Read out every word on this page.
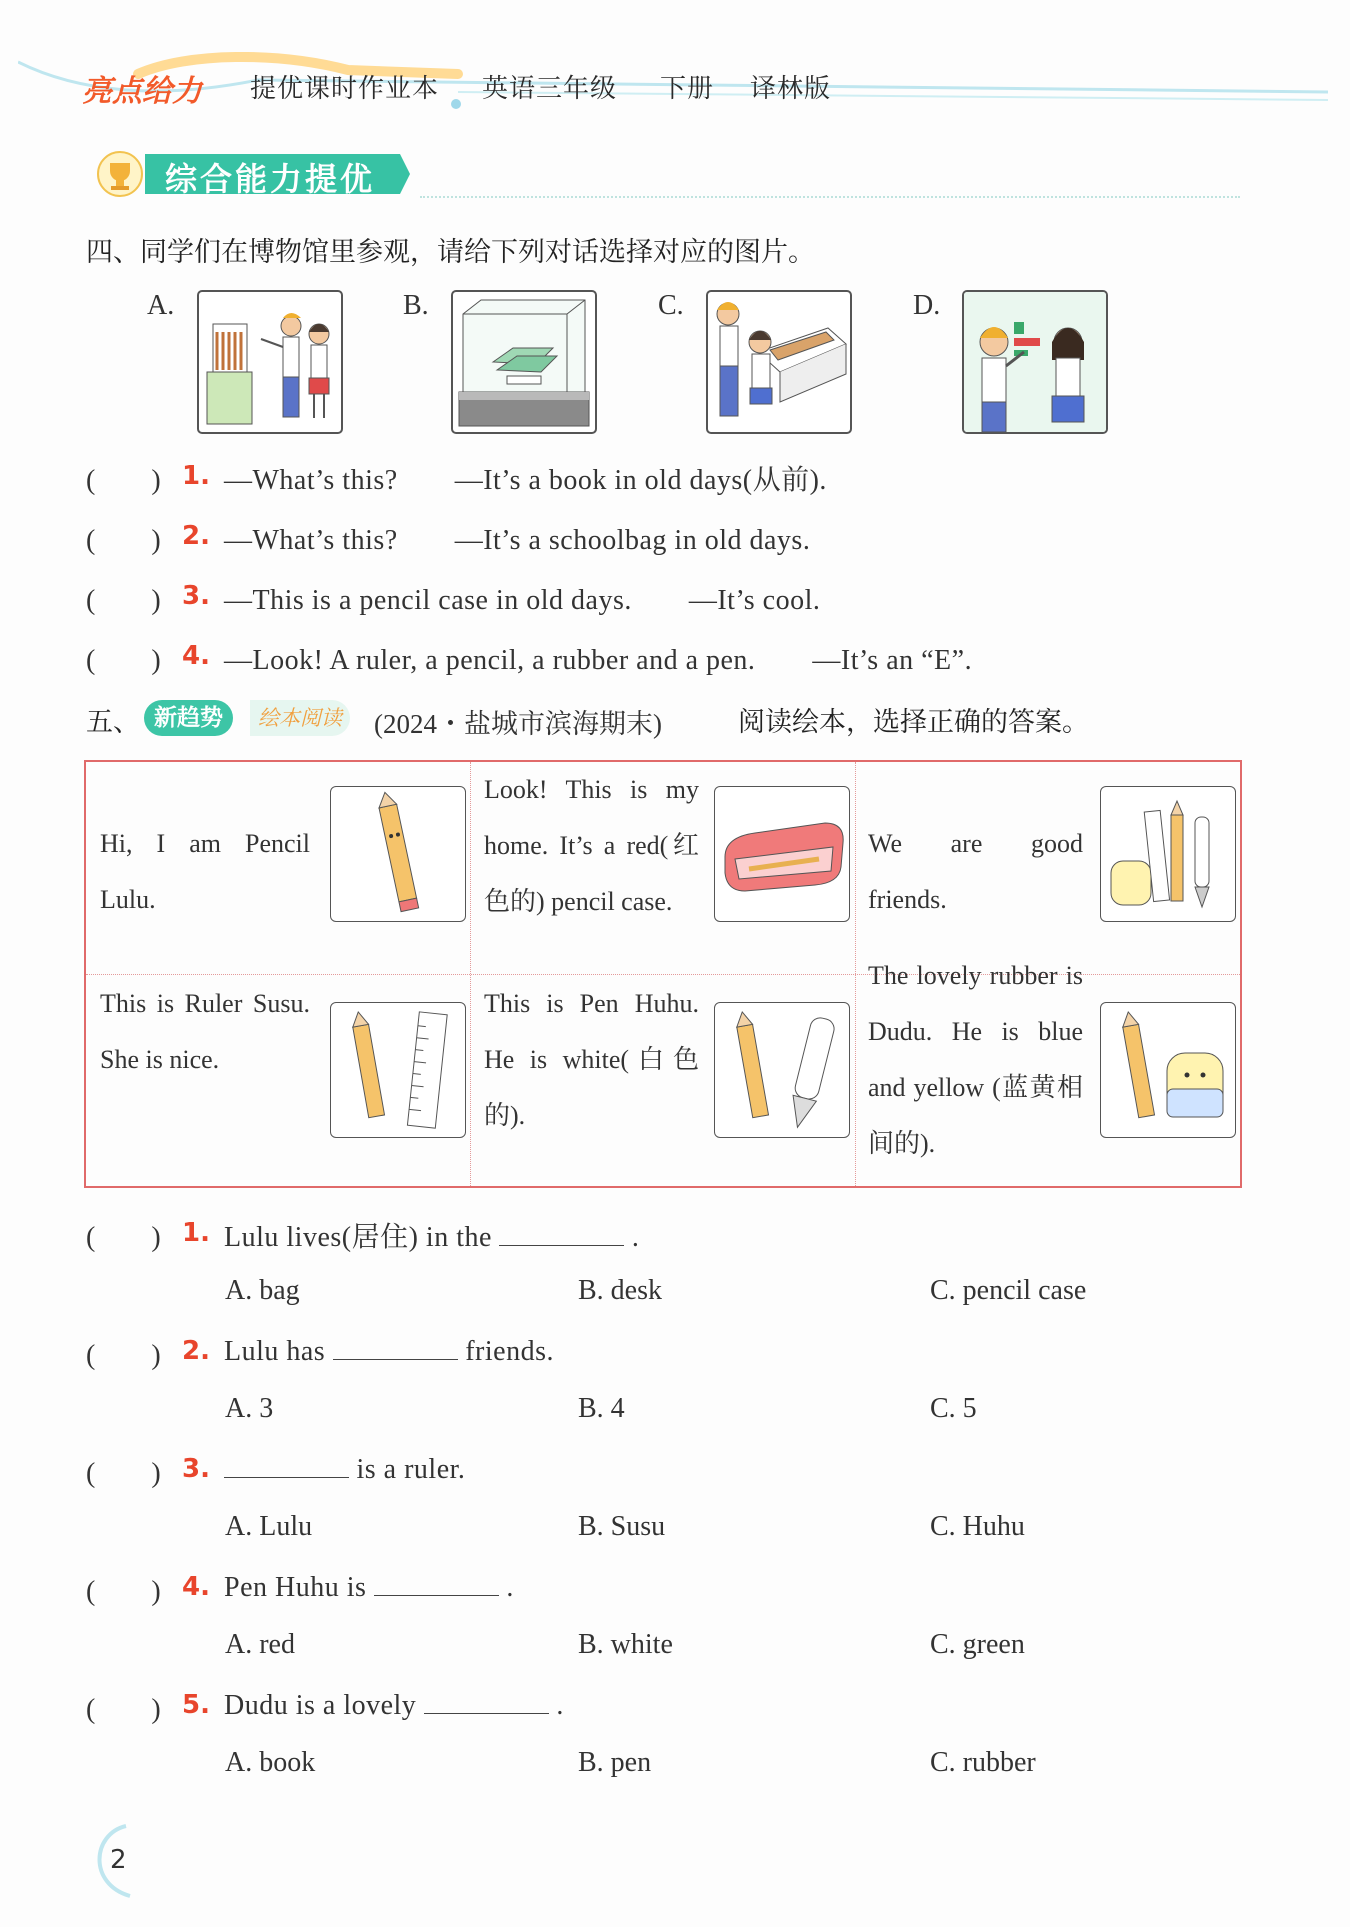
亮点给力 提优课时作业本 英语三年级 下册 译林版
综合能力提优
四、同学们在博物馆里参观，请给下列对话选择对应的图片。
A.	B.	C.	D.
(　　) 1. —What’s this?　　—It’s a book in old days(从前).
(　　) 2. —What’s this?　　—It’s a schoolbag in old days.
(　　) 3. —This is a pencil case in old days.　　—It’s cool.
(　　) 4. —Look! A ruler, a pencil, a rubber and a pen.　　—It’s an “E”.
五、 新趋势	绘本阅读 (2024・盐城市滨海期末)	阅读绘本，选择正确的答案。
Hi, I am Pencil Lulu.
Look! This is my home. It’s a red(红色的) pencil case.
We are good friends.
This is Ruler Susu. She is nice.
This is Pen Huhu. He is white(白色的).
The lovely rubber is Dudu. He is blue and yellow (蓝黄相间的).
(　　) 1. Lulu lives(居住) in the	.
A. bag	B. desk	C. pencil case
(　　) 2. Lulu has	friends.
A. 3	B. 4	C. 5
(　　) 3.	is a ruler.
A. Lulu	B. Susu	C. Huhu
(　　) 4. Pen Huhu is	.
A. red	B. white	C. green
(　　) 5. Dudu is a lovely	.
A. book	B. pen	C. rubber
2
